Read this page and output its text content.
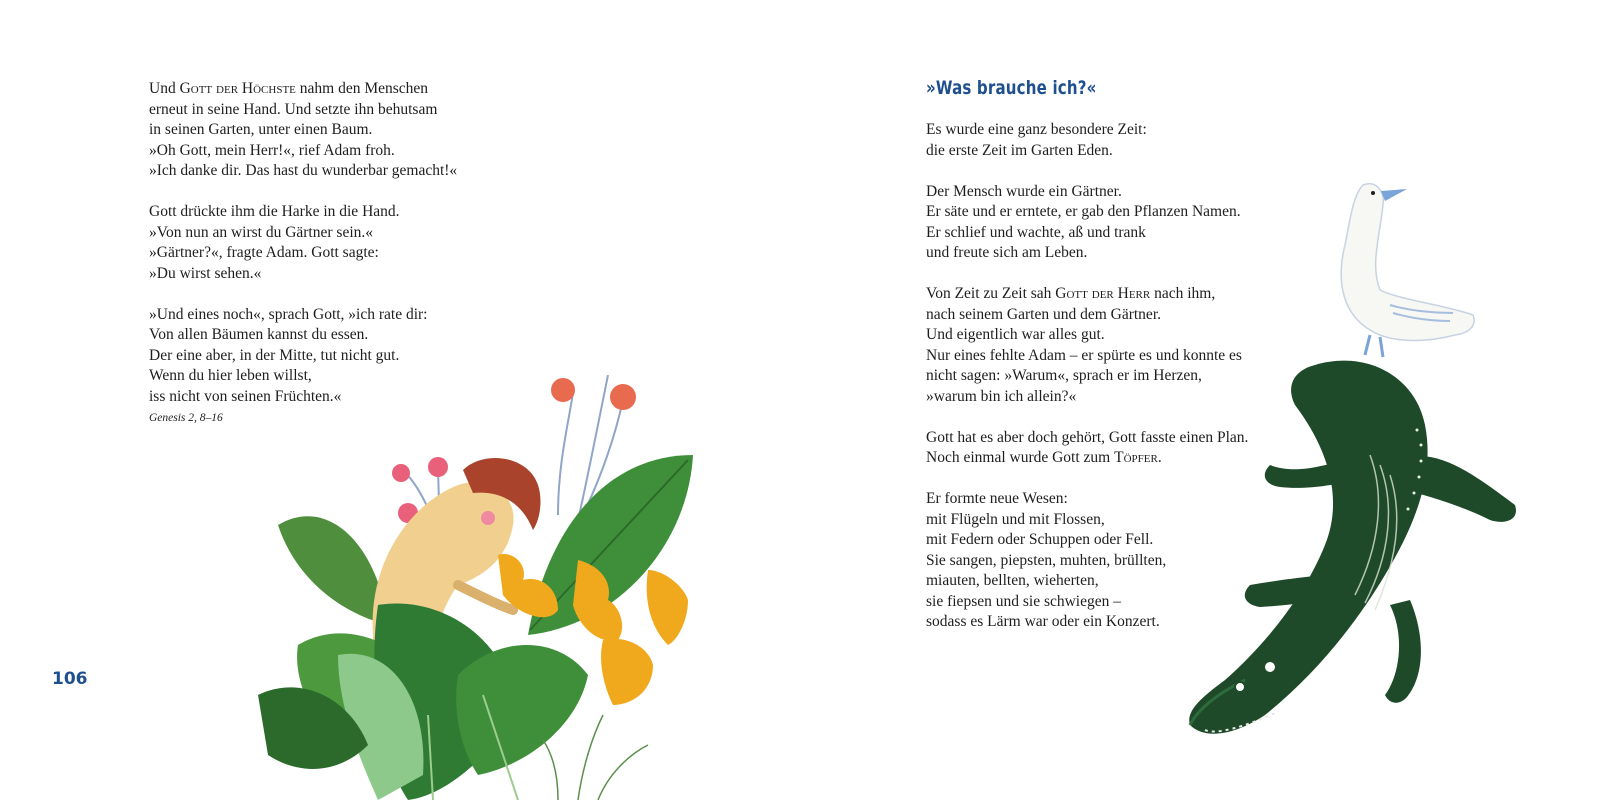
Und Gott der Höchste nahm den Menschen
erneut in seine Hand. Und setzte ihn behutsam
in seinen Garten, unter einen Baum.
»Oh Gott, mein Herr!«, rief Adam froh.
»Ich danke dir. Das hast du wunderbar gemacht!«

Gott drückte ihm die Harke in die Hand.
»Von nun an wirst du Gärtner sein.«
»Gärtner?«, fragte Adam. Gott sagte:
»Du wirst sehen.«

»Und eines noch«, sprach Gott, »ich rate dir:
Von allen Bäumen kannst du essen.
Der eine aber, in der Mitte, tut nicht gut.
Wenn du hier leben willst,
iss nicht von seinen Früchten.«
Genesis 2, 8–16

106
»Was brauche ich?«

Es wurde eine ganz besondere Zeit:
die erste Zeit im Garten Eden.

Der Mensch wurde ein Gärtner.
Er säte und er erntete, er gab den Pflanzen Namen.
Er schlief und wachte, aß und trank
und freute sich am Leben.

Von Zeit zu Zeit sah Gott der Herr nach ihm,
nach seinem Garten und dem Gärtner.
Und eigentlich war alles gut.
Nur eines fehlte Adam – er spürte es und konnte es
nicht sagen: »Warum«, sprach er im Herzen,
»warum bin ich allein?«

Gott hat es aber doch gehört, Gott fasste einen Plan.
Noch einmal wurde Gott zum Töpfer.

Er formte neue Wesen:
mit Flügeln und mit Flossen,
mit Federn oder Schuppen oder Fell.
Sie sangen, piepsten, muhten, brüllten,
miauten, bellten, wieherten,
sie fiepsen und sie schwiegen –
sodass es Lärm war oder ein Konzert.
